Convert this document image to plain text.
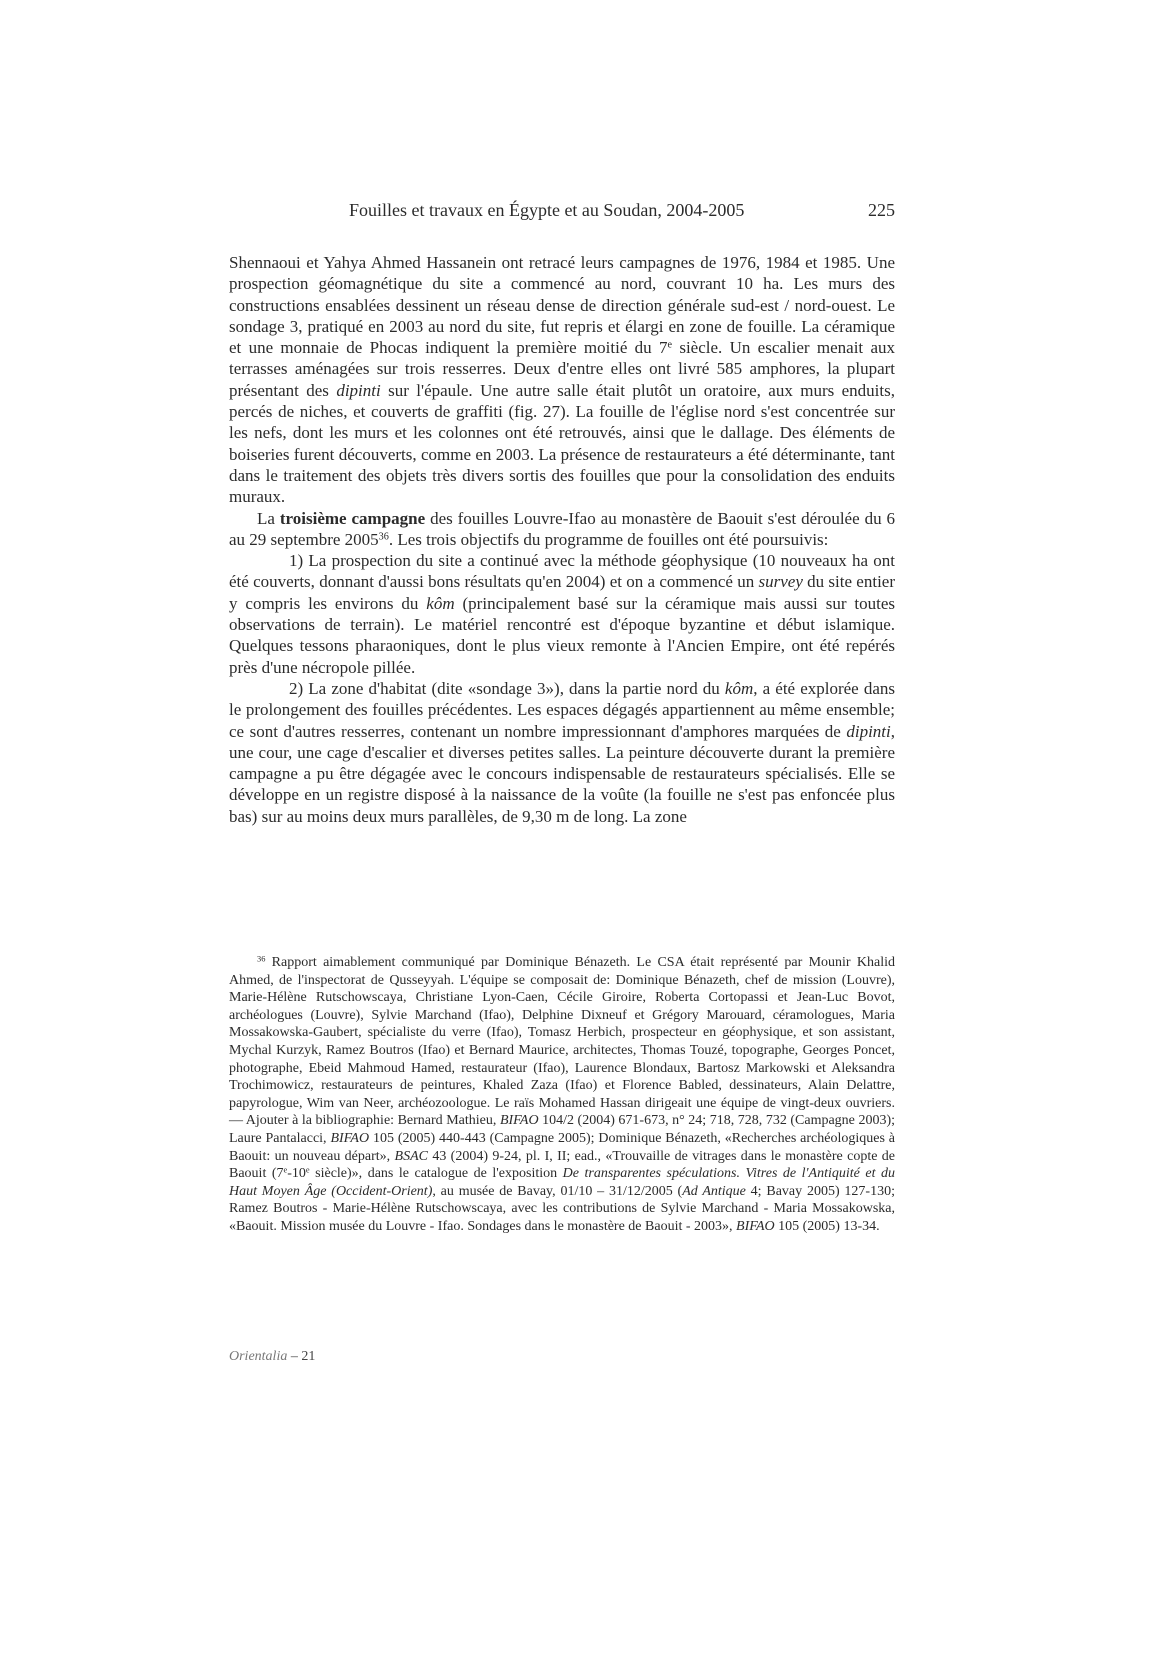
Fouilles et travaux en Égypte et au Soudan, 2004-2005	225

Shennaoui et Yahya Ahmed Hassanein ont retracé leurs campagnes de 1976, 1984 et 1985. Une prospection géomagnétique du site a commencé au nord, couvrant 10 ha. Les murs des constructions ensablées dessinent un réseau dense de direction générale sud-est / nord-ouest. Le sondage 3, pratiqué en 2003 au nord du site, fut repris et élargi en zone de fouille. La céramique et une monnaie de Phocas indiquent la première moitié du 7e siècle. Un escalier menait aux terrasses aménagées sur trois resserres. Deux d'entre elles ont livré 585 amphores, la plupart présentant des dipinti sur l'épaule. Une autre salle était plutôt un oratoire, aux murs enduits, percés de niches, et couverts de graffiti (fig. 27). La fouille de l'église nord s'est concentrée sur les nefs, dont les murs et les colonnes ont été retrouvés, ainsi que le dallage. Des éléments de boiseries furent découverts, comme en 2003. La présence de restaurateurs a été déterminante, tant dans le traitement des objets très divers sortis des fouilles que pour la consolidation des enduits muraux.

La troisième campagne des fouilles Louvre-Ifao au monastère de Baouit s'est déroulée du 6 au 29 septembre 2005$^{36}$. Les trois objectifs du programme de fouilles ont été poursuivis:

1) La prospection du site a continué avec la méthode géophysique (10 nouveaux ha ont été couverts, donnant d'aussi bons résultats qu'en 2004) et on a commencé un survey du site entier y compris les environs du kôm (principalement basé sur la céramique mais aussi sur toutes observations de terrain). Le matériel rencontré est d'époque byzantine et début islamique. Quelques tessons pharaoniques, dont le plus vieux remonte à l'Ancien Empire, ont été repérés près d'une nécropole pillée.

2) La zone d'habitat (dite «sondage 3»), dans la partie nord du kôm, a été explorée dans le prolongement des fouilles précédentes. Les espaces dégagés appartiennent au même ensemble; ce sont d'autres resserres, contenant un nombre impressionnant d'amphores marquées de dipinti, une cour, une cage d'escalier et diverses petites salles. La peinture découverte durant la première campagne a pu être dégagée avec le concours indispensable de restaurateurs spécialisés. Elle se développe en un registre disposé à la naissance de la voûte (la fouille ne s'est pas enfoncée plus bas) sur au moins deux murs parallèles, de 9,30 m de long. La zone

$^{36}$ Rapport aimablement communiqué par Dominique Bénazeth. Le CSA était représenté par Mounir Khalid Ahmed, de l'inspectorat de Qusseyyah. L'équipe se composait de: Dominique Bénazeth, chef de mission (Louvre), Marie-Hélène Rutschowscaya, Christiane Lyon-Caen, Cécile Giroire, Roberta Cortopassi et Jean-Luc Bovot, archéologues (Louvre), Sylvie Marchand (Ifao), Delphine Dixneuf et Grégory Marouard, céramologues, Maria Mossakowska-Gaubert, spécialiste du verre (Ifao), Tomasz Herbich, prospecteur en géophysique, et son assistant, Mychal Kurzyk, Ramez Boutros (Ifao) et Bernard Maurice, architectes, Thomas Touzé, topographe, Georges Poncet, photographe, Ebeid Mahmoud Hamed, restaurateur (Ifao), Laurence Blondaux, Bartosz Markowski et Aleksandra Trochimowicz, restaurateurs de peintures, Khaled Zaza (Ifao) et Florence Babled, dessinateurs, Alain Delattre, papyrologue, Wim van Neer, archéozoologue. Le raïs Mohamed Hassan dirigeait une équipe de vingt-deux ouvriers. — Ajouter à la bibliographie: Bernard Mathieu, BIFAO 104/2 (2004) 671-673, n° 24; 718, 728, 732 (Campagne 2003); Laure Pantalacci, BIFAO 105 (2005) 440-443 (Campagne 2005); Dominique Bénazeth, «Recherches archéologiques à Baouit: un nouveau départ», BSAC 43 (2004) 9-24, pl. I, II; ead., «Trouvaille de vitrages dans le monastère copte de Baouit (7e-10e siècle)», dans le catalogue de l'exposition De transparentes spéculations. Vitres de l'Antiquité et du Haut Moyen Âge (Occident-Orient), au musée de Bavay, 01/10 – 31/12/2005 (Ad Antique 4; Bavay 2005) 127-130; Ramez Boutros - Marie-Hélène Rutschowscaya, avec les contributions de Sylvie Marchand - Maria Mossakowska, «Baouit. Mission musée du Louvre - Ifao. Sondages dans le monastère de Baouit - 2003», BIFAO 105 (2005) 13-34.

Orientalia – 21
